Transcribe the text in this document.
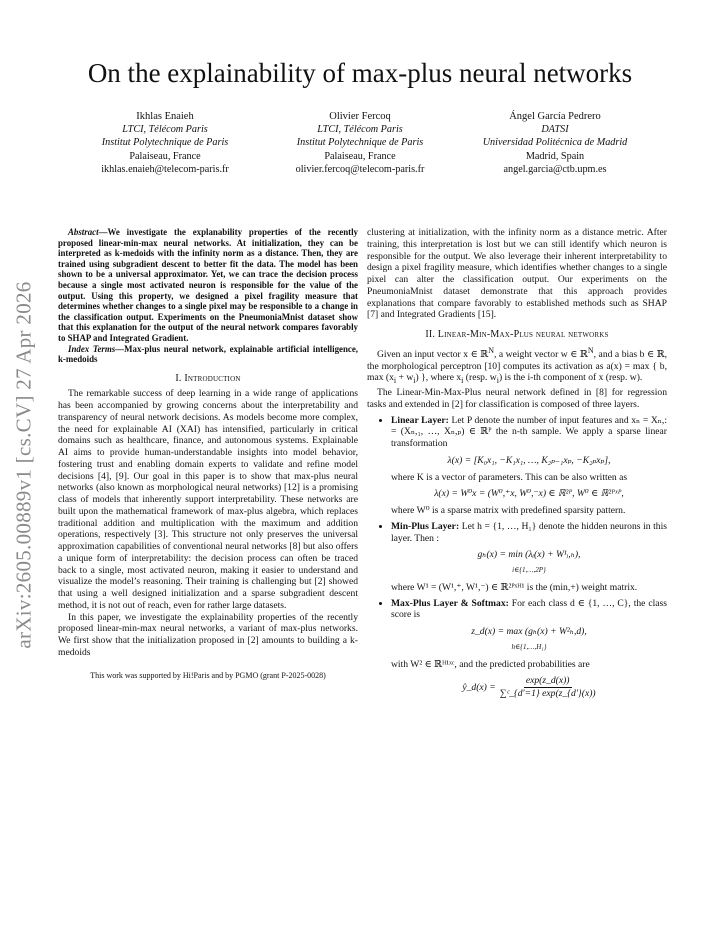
arXiv:2605.00889v1 [cs.CV] 27 Apr 2026
On the explainability of max-plus neural networks
Ikhlas Enaieh
LTCI, Télécom Paris
Institut Polytechnique de Paris
Palaiseau, France
ikhlas.enaieh@telecom-paris.fr
Olivier Fercoq
LTCI, Télécom Paris
Institut Polytechnique de Paris
Palaiseau, France
olivier.fercoq@telecom-paris.fr
Ángel García Pedrero
DATSI
Universidad Politécnica de Madrid
Madrid, Spain
angel.garcia@ctb.upm.es

Abstract—We investigate the explanability properties of the recently proposed linear-min-max neural networks. At initialization, they can be interpreted as k-medoids with the infinity norm as a distance. Then, they are trained using subgradient descent to better fit the data. The model has been shown to be a universal approximator. Yet, we can trace the decision process because a single most activated neuron is responsible for the value of the output. Using this property, we designed a pixel fragility measure that determines whether changes to a single pixel may be responsible to a change in the classification output. Experiments on the PneumoniaMnist dataset show that this explanation for the output of the neural network compares favorably to SHAP and Integrated Gradient.

Index Terms—Max-plus neural network, explainable artificial intelligence, k-medoids

I. Introduction

The remarkable success of deep learning in a wide range of applications has been accompanied by growing concerns about the interpretability and transparency of neural network decisions. As models become more complex, the need for explainable AI (XAI) has intensified, particularly in critical domains such as healthcare, finance, and autonomous systems. Explainable AI aims to provide human-understandable insights into model behavior, fostering trust and enabling domain experts to validate and refine model decisions [4], [9]. Our goal in this paper is to show that max-plus neural networks (also known as morphological neural networks) [12] is a promising class of models that inherently support interpretability. These networks are built upon the mathematical framework of max-plus algebra, which replaces traditional addition and multiplication with the maximum and addition operations, respectively [3]. This structure not only preserves the universal approximation capabilities of conventional neural networks [8] but also offers a unique form of interpretability: the decision process can often be traced back to a single, most activated neuron, making it easier to understand and visualize the model’s reasoning. Their training is challenging but [2] showed that using a well designed initialization and a sparse subgradient descent method, it is not out of reach, even for rather large datasets.

In this paper, we investigate the explainability properties of the recently proposed linear-min-max neural networks, a variant of max-plus networks. We first show that the initialization proposed in [2] amounts to building a k-medoids

This work was supported by Hi!Paris and by PGMO (grant P-2025-0028)

clustering at initialization, with the infinity norm as a distance metric. After training, this interpretation is lost but we can still identify which neuron is responsible for the output. We also leverage their inherent interpretability to design a pixel fragility measure, which identifies whether changes to a single pixel can alter the classification output. Our experiments on the PneumoniaMnist dataset demonstrate that this approach provides explanations that compare favorably to established methods such as SHAP [7] and Integrated Gradients [15].

II. Linear-Min-Max-Plus neural networks

Given an input vector x ∈ ℝ$^N$, a weight vector w ∈ ℝ$^N$, and a bias b ∈ ℝ, the morphological perceptron [10] computes its activation as a(x) = max { b, $\max (x_i + w_i)$ }, where $x_i$ (resp. $w_i$) is the i-th component of x (resp. w).

The Linear-Min-Max-Plus neural network defined in [8] for regression tasks and extended in [2] for classification is composed of three layers.

• Linear Layer: Let P denote the number of input features and xₙ = Xₙ,: = (Xₙ,₁, …, Xₙ,ₚ) ∈ ℝᴾ the n-th sample. We apply a sparse linear transformation
λ(x) = [K₀x₁, −K₁x₁, …, K₂ₚ₋₁xₚ, −K₂ₚxₚ],
where K is a vector of parameters. This can be also written as
λ(x) = W⁰x = (W⁰,⁺x, W⁰,⁻x) ∈ ℝ²ᴾ, W⁰ ∈ ℝ²ᴾˣᴾ,
where W⁰ is a sparse matrix with predefined sparsity pattern.
• Min-Plus Layer: Let h = {1, …, H₁} denote the hidden neurons in this layer. Then :
gₕ(x) = min (λᵢ(x) + W¹ᵢ,ₕ),
$_{i\in\{1,\dots,2P\}}$
where W¹ = (W¹,⁺, W¹,⁻) ∈ ℝ²ᴾˣᴴ¹ is the (min,+) weight matrix.
• Max-Plus Layer & Softmax: For each class d ∈ {1, …, C}, the class score is
z_d(x) = max (gₕ(x) + W²ₕ,d),
$_{h\in\{1,\dots,H_1\}}$
with W² ∈ ℝᴴ¹ˣᶜ, and the predicted probabilities are
ŷ_d(x) = $\frac{\exp(z\_d(x))}{\text{∑ᶜ\_\{d′=1\} exp(z\_\{d′\}(x))}}$
